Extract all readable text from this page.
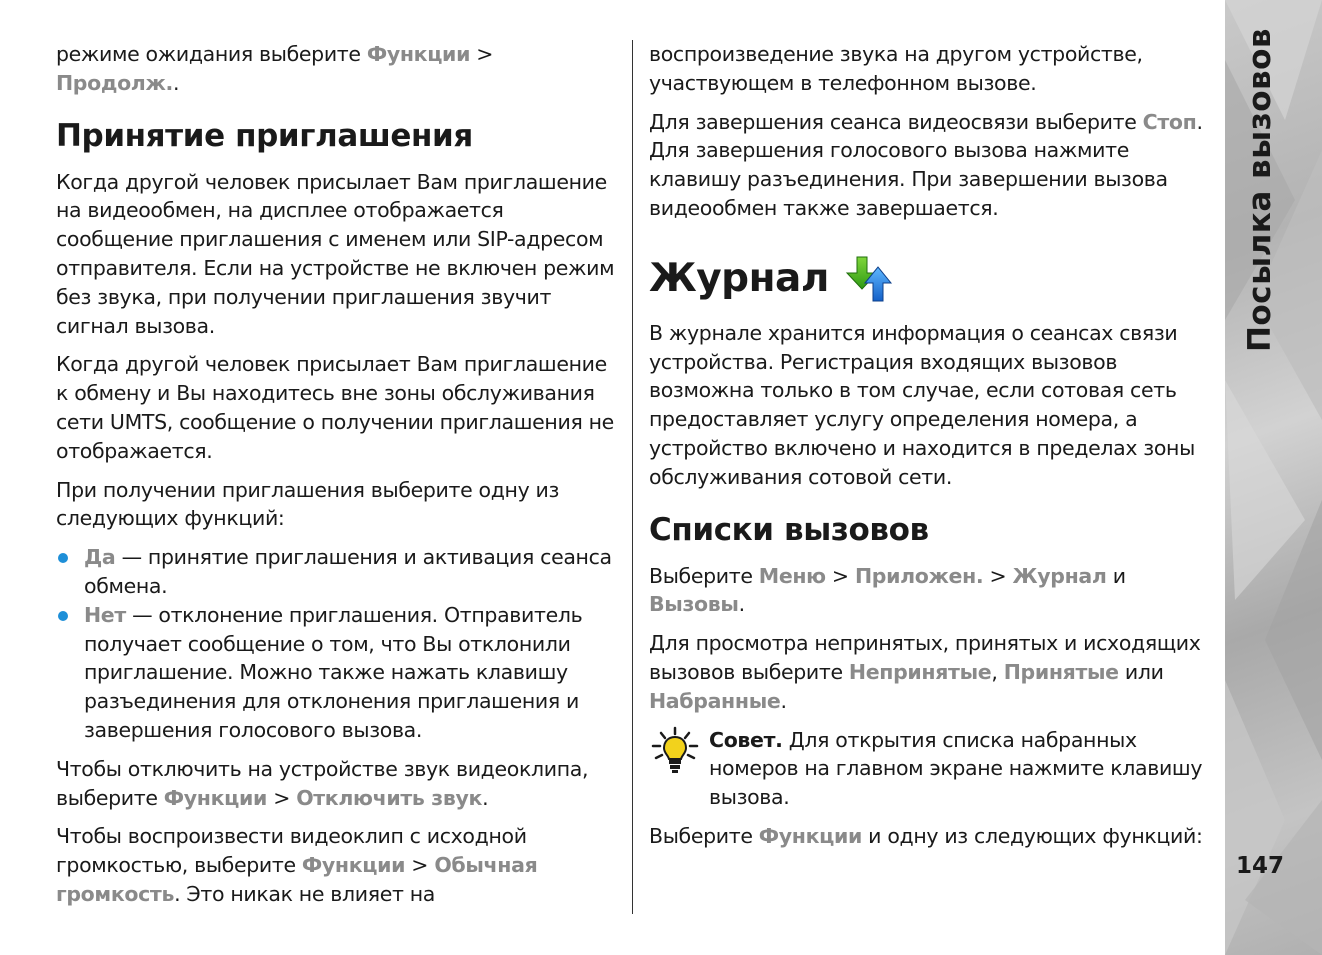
режиме ожидания выберите Функции > Продолж..

Принятие приглашения

Когда другой человек присылает Вам приглашение на видеообмен, на дисплее отображается сообщение приглашения с именем или SIP-адресом отправителя. Если на устройстве не включен режим без звука, при получении приглашения звучит сигнал вызова.

Когда другой человек присылает Вам приглашение к обмену и Вы находитесь вне зоны обслуживания сети UMTS, сообщение о получении приглашения не отображается.

При получении приглашения выберите одну из следующих функций:

Да — принятие приглашения и активация сеанса обмена.
Нет — отклонение приглашения. Отправитель получает сообщение о том, что Вы отклонили приглашение. Можно также нажать клавишу разъединения для отклонения приглашения и завершения голосового вызова.

Чтобы отключить на устройстве звук видеоклипа, выберите Функции > Отключить звук.

Чтобы воспроизвести видеоклип с исходной громкостью, выберите Функции > Обычная громкость. Это никак не влияет на

воспроизведение звука на другом устройстве, участвующем в телефонном вызове.

Для завершения сеанса видеосвязи выберите Стоп. Для завершения голосового вызова нажмите клавишу разъединения. При завершении вызова видеообмен также завершается.

Журнал

В журнале хранится информация о сеансах связи устройства. Регистрация входящих вызовов возможна только в том случае, если сотовая сеть предоставляет услугу определения номера, а устройство включено и находится в пределах зоны обслуживания сотовой сети.

Списки вызовов

Выберите Меню > Приложен. > Журнал и Вызовы.

Для просмотра непринятых, принятых и исходящих вызовов выберите Непринятые, Принятые или Набранные.

Совет. Для открытия списка набранных номеров на главном экране нажмите клавишу вызова.

Выберите Функции и одну из следующих функций:

Посылка вызовов
147
